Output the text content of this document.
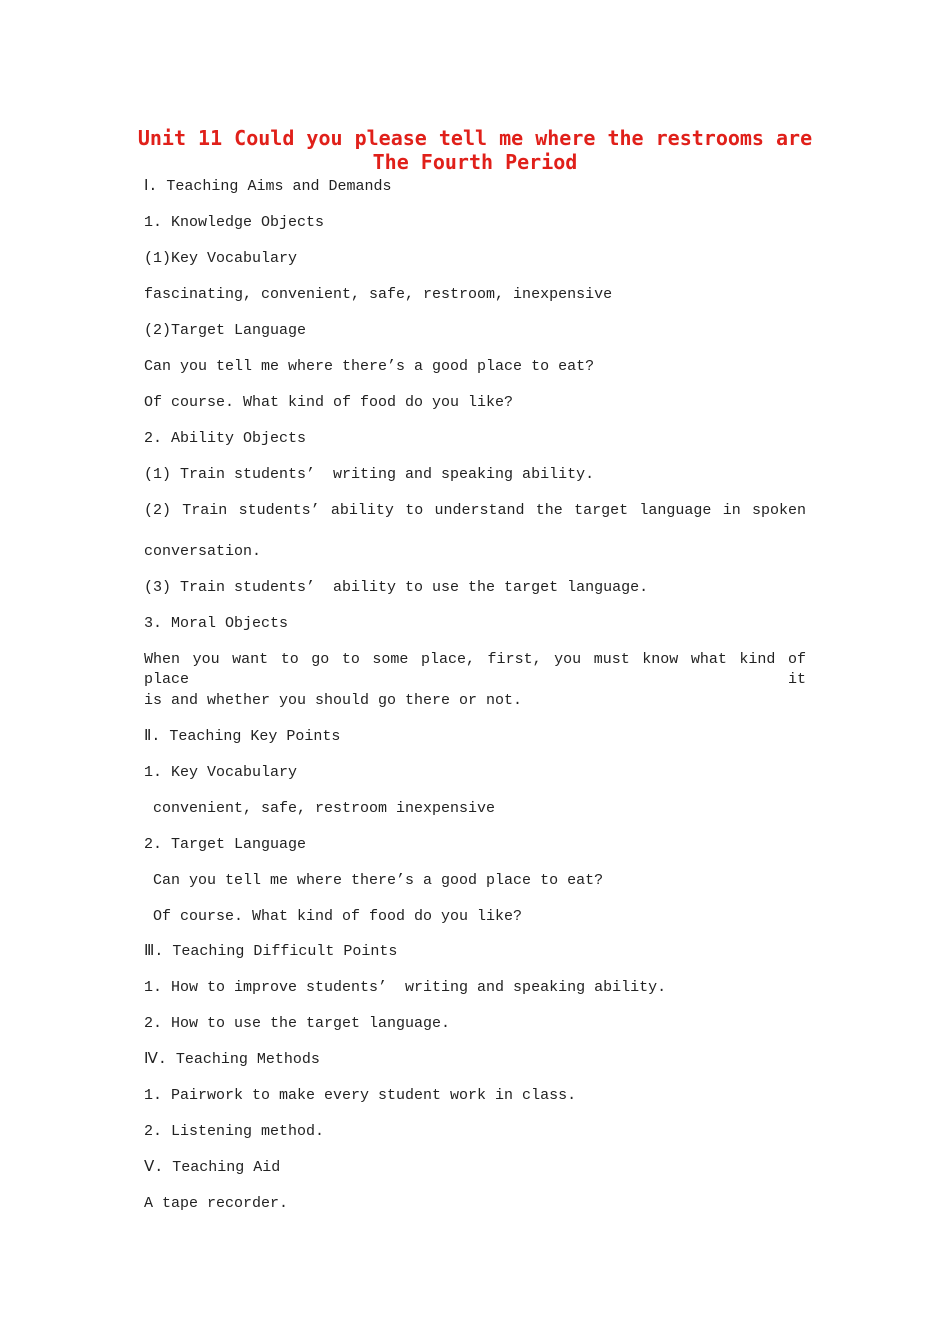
Unit 11 Could you please tell me where the restrooms are
The Fourth Period

Ⅰ. Teaching Aims and Demands

1. Knowledge Objects

(1)Key Vocabulary

fascinating, convenient, safe, restroom, inexpensive

(2)Target Language

Can you tell me where there’s a good place to eat?

Of course. What kind of food do you like?

2. Ability Objects

(1) Train students’  writing and speaking ability.

(2) Train students’ ability to understand the target language in spoken

conversation.

(3) Train students’  ability to use the target language.

3. Moral Objects

When you want to go to some place, first, you must know what kind of place it

is and whether you should go there or not.

Ⅱ. Teaching Key Points

1. Key Vocabulary

convenient, safe, restroom inexpensive

2. Target Language

Can you tell me where there’s a good place to eat?

Of course. What kind of food do you like?

Ⅲ. Teaching Difficult Points

1. How to improve students’  writing and speaking ability.

2. How to use the target language.

Ⅳ. Teaching Methods

1. Pairwork to make every student work in class.

2. Listening method.

Ⅴ. Teaching Aid

A tape recorder.
